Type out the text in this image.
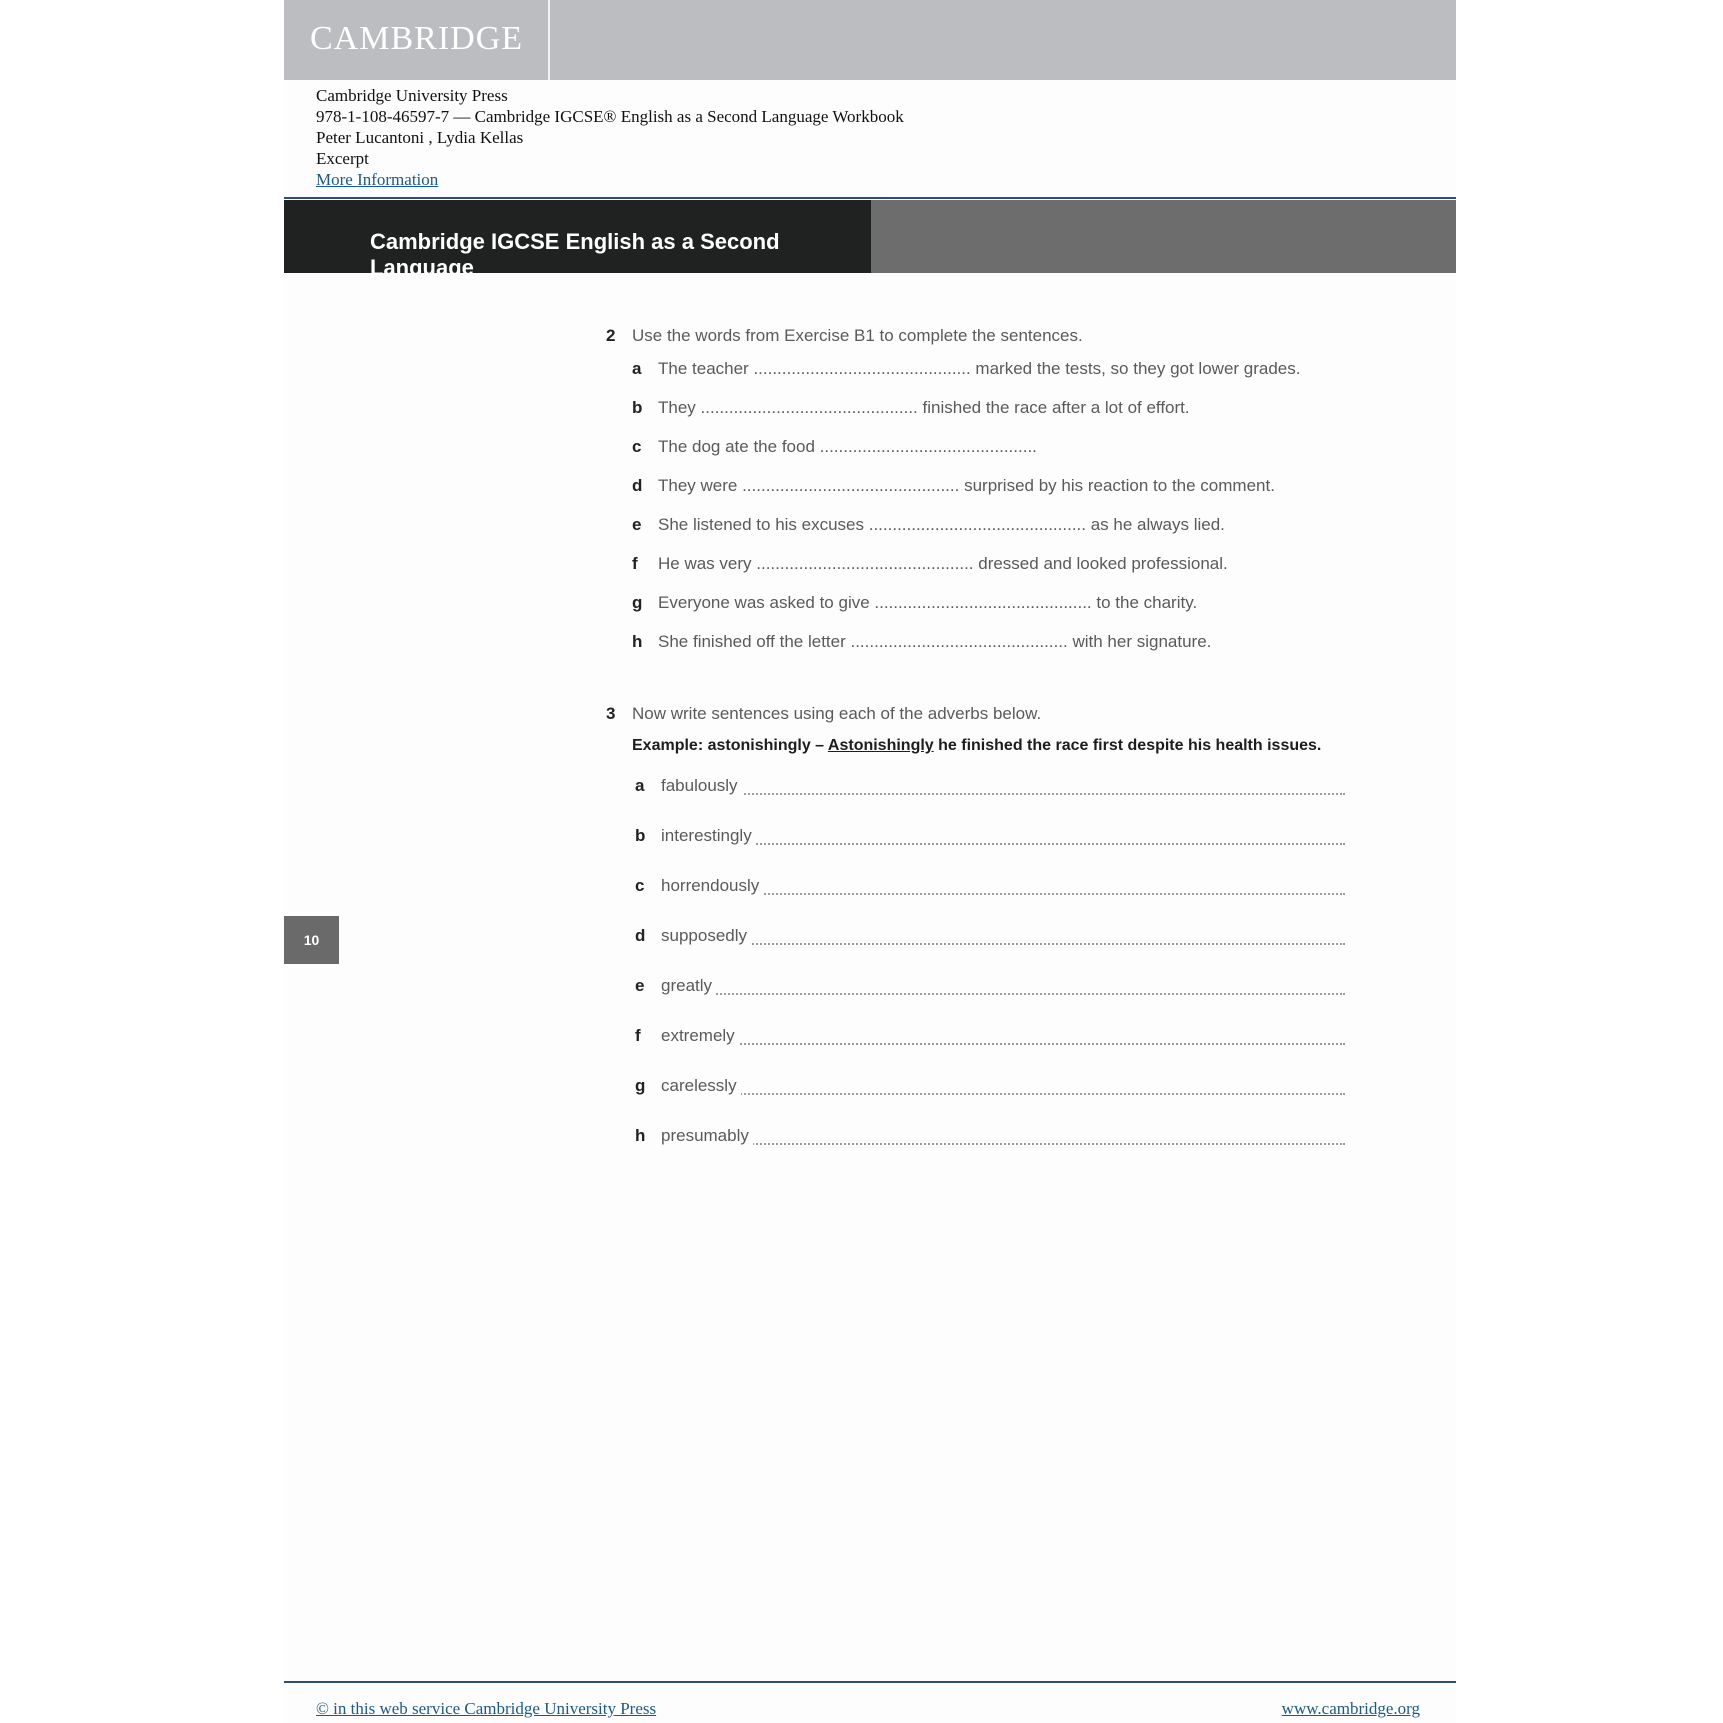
CAMBRIDGE
Cambridge University Press
978-1-108-46597-7 — Cambridge IGCSE® English as a Second Language Workbook
Peter Lucantoni , Lydia Kellas
Excerpt
More Information
Cambridge IGCSE English as a Second Language
2 Use the words from Exercise B1 to complete the sentences.
a The teacher .............................................. marked the tests, so they got lower grades.
b They .............................................. finished the race after a lot of effort.
c The dog ate the food ..............................................
d They were .............................................. surprised by his reaction to the comment.
e She listened to his excuses .............................................. as he always lied.
f He was very .............................................. dressed and looked professional.
g Everyone was asked to give .............................................. to the charity.
h She finished off the letter .............................................. with her signature.
3 Now write sentences using each of the adverbs below.
Example: astonishingly – Astonishingly he finished the race first despite his health issues.
a fabulously
b interestingly
c horrendously
d supposedly
e greatly
f extremely
g carelessly
h presumably
10
© in this web service Cambridge University Press	www.cambridge.org
